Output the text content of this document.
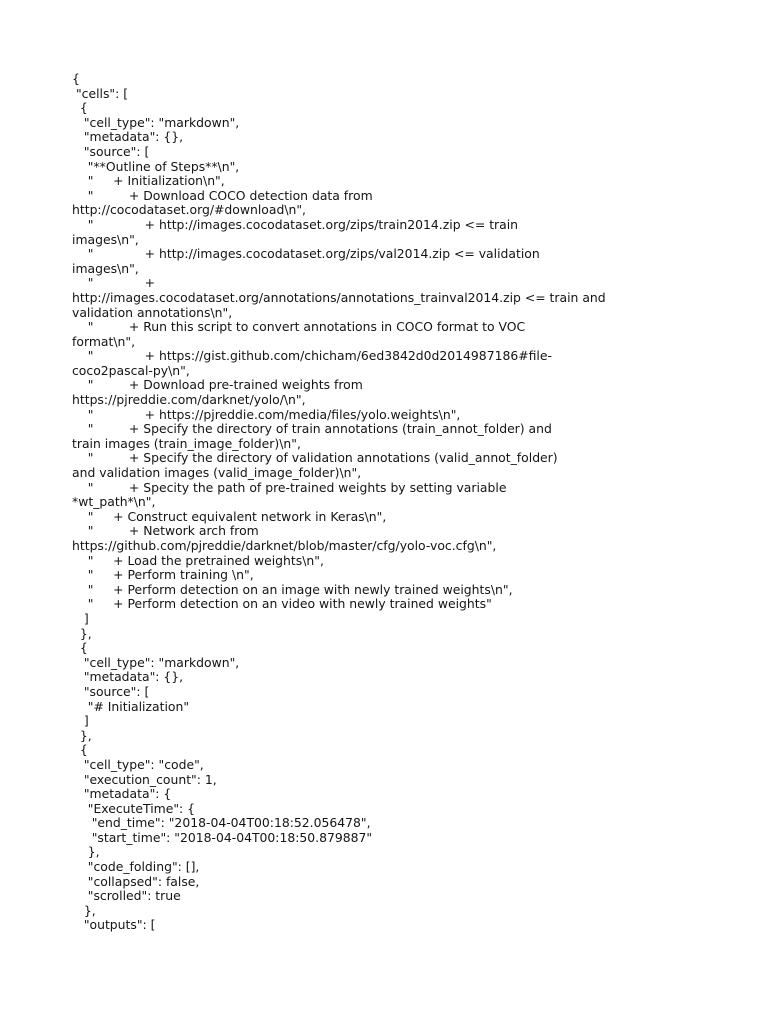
{
"cells": [
{
"cell_type": "markdown",
"metadata": {},
"source": [
"**Outline of Steps**\n",
"     + Initialization\n",
"         + Download COCO detection data from
http://cocodataset.org/#download\n",
"             + http://images.cocodataset.org/zips/train2014.zip <= train
images\n",
"             + http://images.cocodataset.org/zips/val2014.zip <= validation
images\n",
"             +
http://images.cocodataset.org/annotations/annotations_trainval2014.zip <= train and
validation annotations\n",
"         + Run this script to convert annotations in COCO format to VOC
format\n",
"             + https://gist.github.com/chicham/6ed3842d0d2014987186#file-
coco2pascal-py\n",
"         + Download pre-trained weights from
https://pjreddie.com/darknet/yolo/\n",
"             + https://pjreddie.com/media/files/yolo.weights\n",
"         + Specify the directory of train annotations (train_annot_folder) and
train images (train_image_folder)\n",
"         + Specify the directory of validation annotations (valid_annot_folder)
and validation images (valid_image_folder)\n",
"         + Specity the path of pre-trained weights by setting variable
*wt_path*\n",
"     + Construct equivalent network in Keras\n",
"         + Network arch from
https://github.com/pjreddie/darknet/blob/master/cfg/yolo-voc.cfg\n",
"     + Load the pretrained weights\n",
"     + Perform training \n",
"     + Perform detection on an image with newly trained weights\n",
"     + Perform detection on an video with newly trained weights"
]
},
{
"cell_type": "markdown",
"metadata": {},
"source": [
"# Initialization"
]
},
{
"cell_type": "code",
"execution_count": 1,
"metadata": {
"ExecuteTime": {
"end_time": "2018-04-04T00:18:52.056478",
"start_time": "2018-04-04T00:18:50.879887"
},
"code_folding": [],
"collapsed": false,
"scrolled": true
},
"outputs": [
